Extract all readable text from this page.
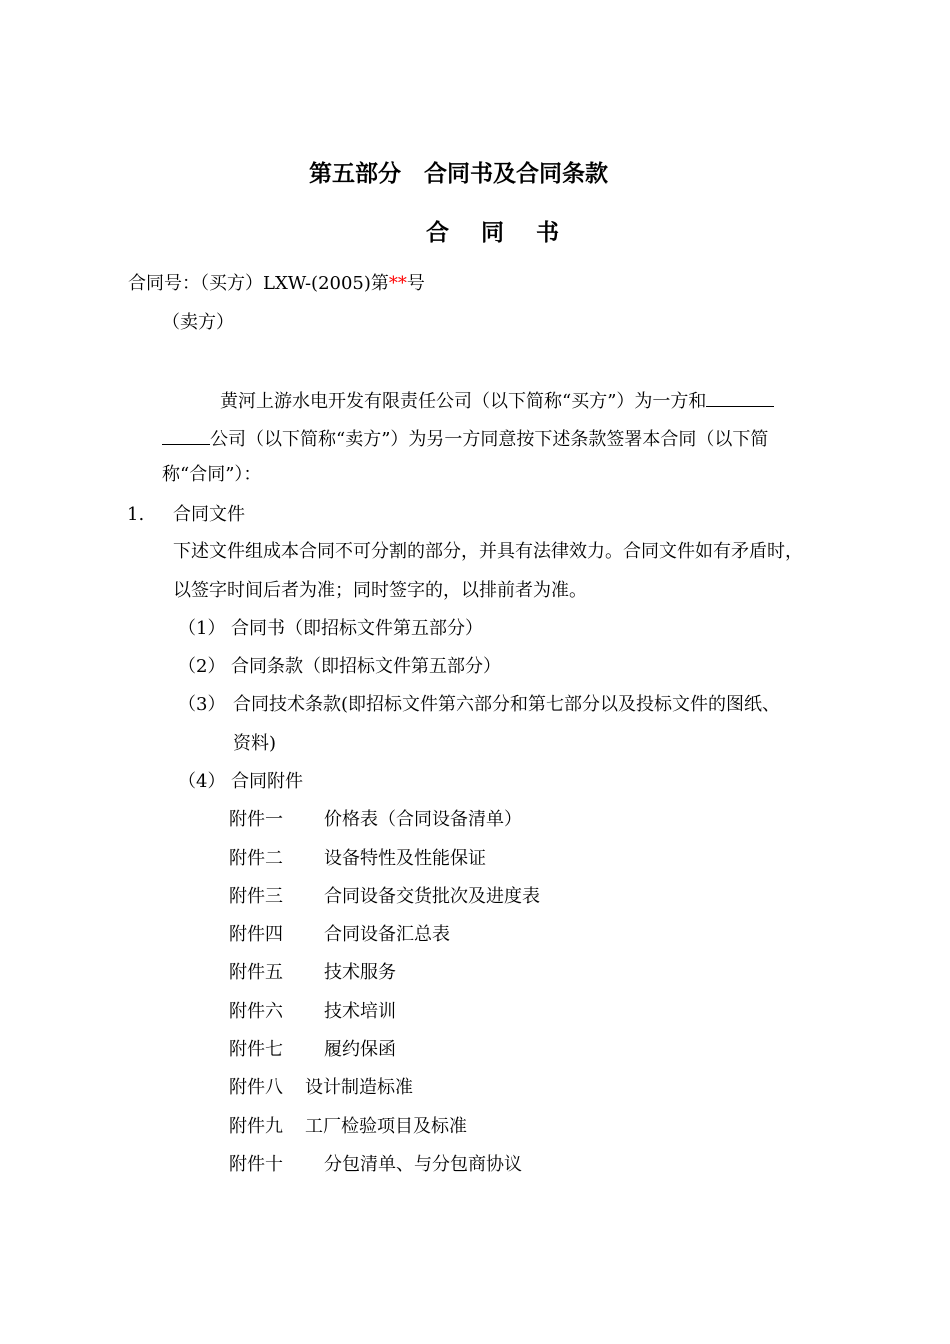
第五部分　合同书及合同条款
合 同 书
合同号：（买方）LXW-(2005)第**号
（卖方）
黄河上游水电开发有限责任公司（以下简称“买方”）为一方和
公司（以下简称“卖方”）为另一方同意按下述条款签署本合同（以下简
称“合同”）：
1. 合同文件
下述文件组成本合同不可分割的部分，并具有法律效力。合同文件如有矛盾时，
以签字时间后者为准；同时签字的，以排前者为准。
（1） 合同书（即招标文件第五部分）
（2） 合同条款（即招标文件第五部分）
（3） 合同技术条款(即招标文件第六部分和第七部分以及投标文件的图纸、
资料)
（4） 合同附件
附件一 价格表（合同设备清单）
附件二 设备特性及性能保证
附件三 合同设备交货批次及进度表
附件四 合同设备汇总表
附件五 技术服务
附件六 技术培训
附件七 履约保函
附件八 设计制造标准
附件九 工厂检验项目及标准
附件十 分包清单、与分包商协议
